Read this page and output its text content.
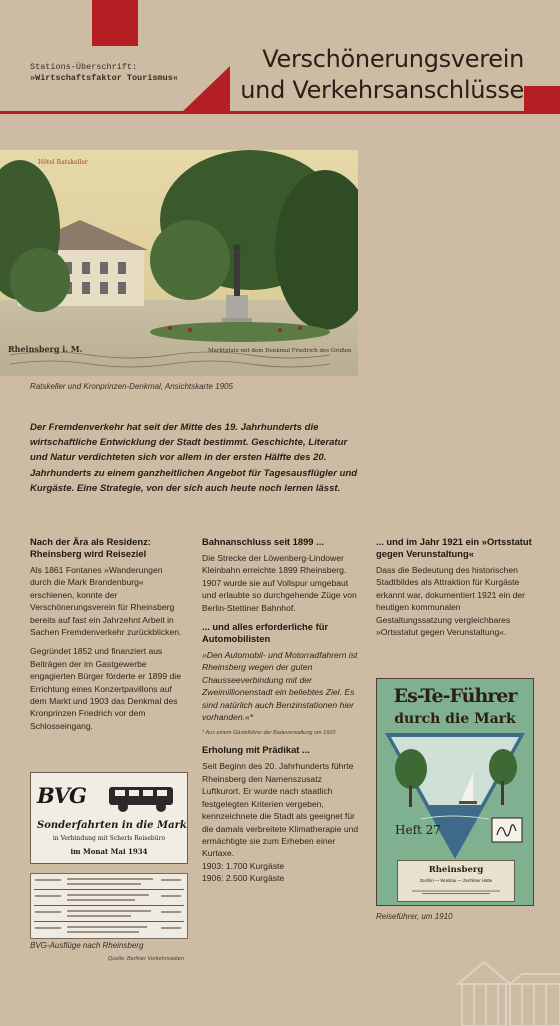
Stations-Überschrift:
»Wirtschaftsfaktor Tourismus«
Verschönerungsverein
und Verkehrsanschlüsse
Hôtel Ratskeller
Rheinsberg i. M.	Marktplatz mit dem Denkmal Friedrich des Großen
Ratskeller und Kronprinzen-Denkmal, Ansichtskarte 1905
Der Fremdenverkehr hat seit der Mitte des 19. Jahrhunderts die wirtschaftliche Entwicklung der Stadt bestimmt. Geschichte, Literatur und Natur verdichteten sich vor allem in der ersten Hälfte des 20. Jahrhunderts zu einem ganzheitlichen Angebot für Tagesausflügler und Kurgäste. Eine Strategie, von der sich auch heute noch lernen lässt.
Nach der Ära als Residenz: Rheinsberg wird Reiseziel

Als 1861 Fontanes »Wanderungen durch die Mark Brandenburg« erschienen, konnte der Verschönerungsverein für Rheinsberg bereits auf fast ein Jahrzehnt Arbeit in Sachen Fremdenverkehr zurückblicken.

Gegründet 1852 und finanziert aus Beiträgen der im Gastgewerbe engagierten Bürger förderte er 1899 die Errichtung eines Konzertpavillons auf dem Markt und 1903 das Denkmal des Kronprinzen Friedrich vor dem Schlosseingang.

Bahnanschluss seit 1899 ...

Die Strecke der Löwenberg-Lindower Kleinbahn erreichte 1899 Rheinsberg. 1907 wurde sie auf Vollspur umgebaut und erlaubte so durchgehende Züge von Berlin-Stettiner Bahnhof.

... und alles erforderliche für Automobilisten

»Den Automobil- und Motorradfahrern ist Rheinsberg wegen der guten Chausseeverbindung mit der Zweimillionenstadt ein beliebtes Ziel. Es sind natürlich auch Benzinstationen hier vorhanden.«*

* Aus einem Gästeführer der Badeverwaltung um 1910

Erholung mit Prädikat ...

Seit Beginn des 20. Jahrhunderts führte Rheinsberg den Namenszusatz Luftkurort. Er wurde nach staatlich festgelegten Kriterien vergeben, kennzeichnete die Stadt als geeignet für die damals verbreitete Klimatherapie und ermächtigte sie zum Erheben einer Kurtaxe.

1903: 1.700 Kurgäste
1906: 2.500 Kurgäste
... und im Jahr 1921 ein »Ortsstatut gegen Verunstaltung«

Dass die Bedeutung des historischen Stadtbildes als Attraktion für Kurgäste erkannt war, dokumentiert 1921 ein der heutigen kommunalen Gestaltungssatzung vergleichbares »Ortsstatut gegen Verunstaltung«.

BVG
Sonderfahrten in die Mark
in Verbindung mit Scherls Reisebüro
im Monat Mai 1934
BVG-Ausflüge nach Rheinsberg
Quelle: Berliner Verkehrsseiten
Es-Te-Führer
durch die Mark
Heft 27
Rheinsberg
Zechlin — Wustrau — Zechliner Hütte
Reiseführer, um 1910
